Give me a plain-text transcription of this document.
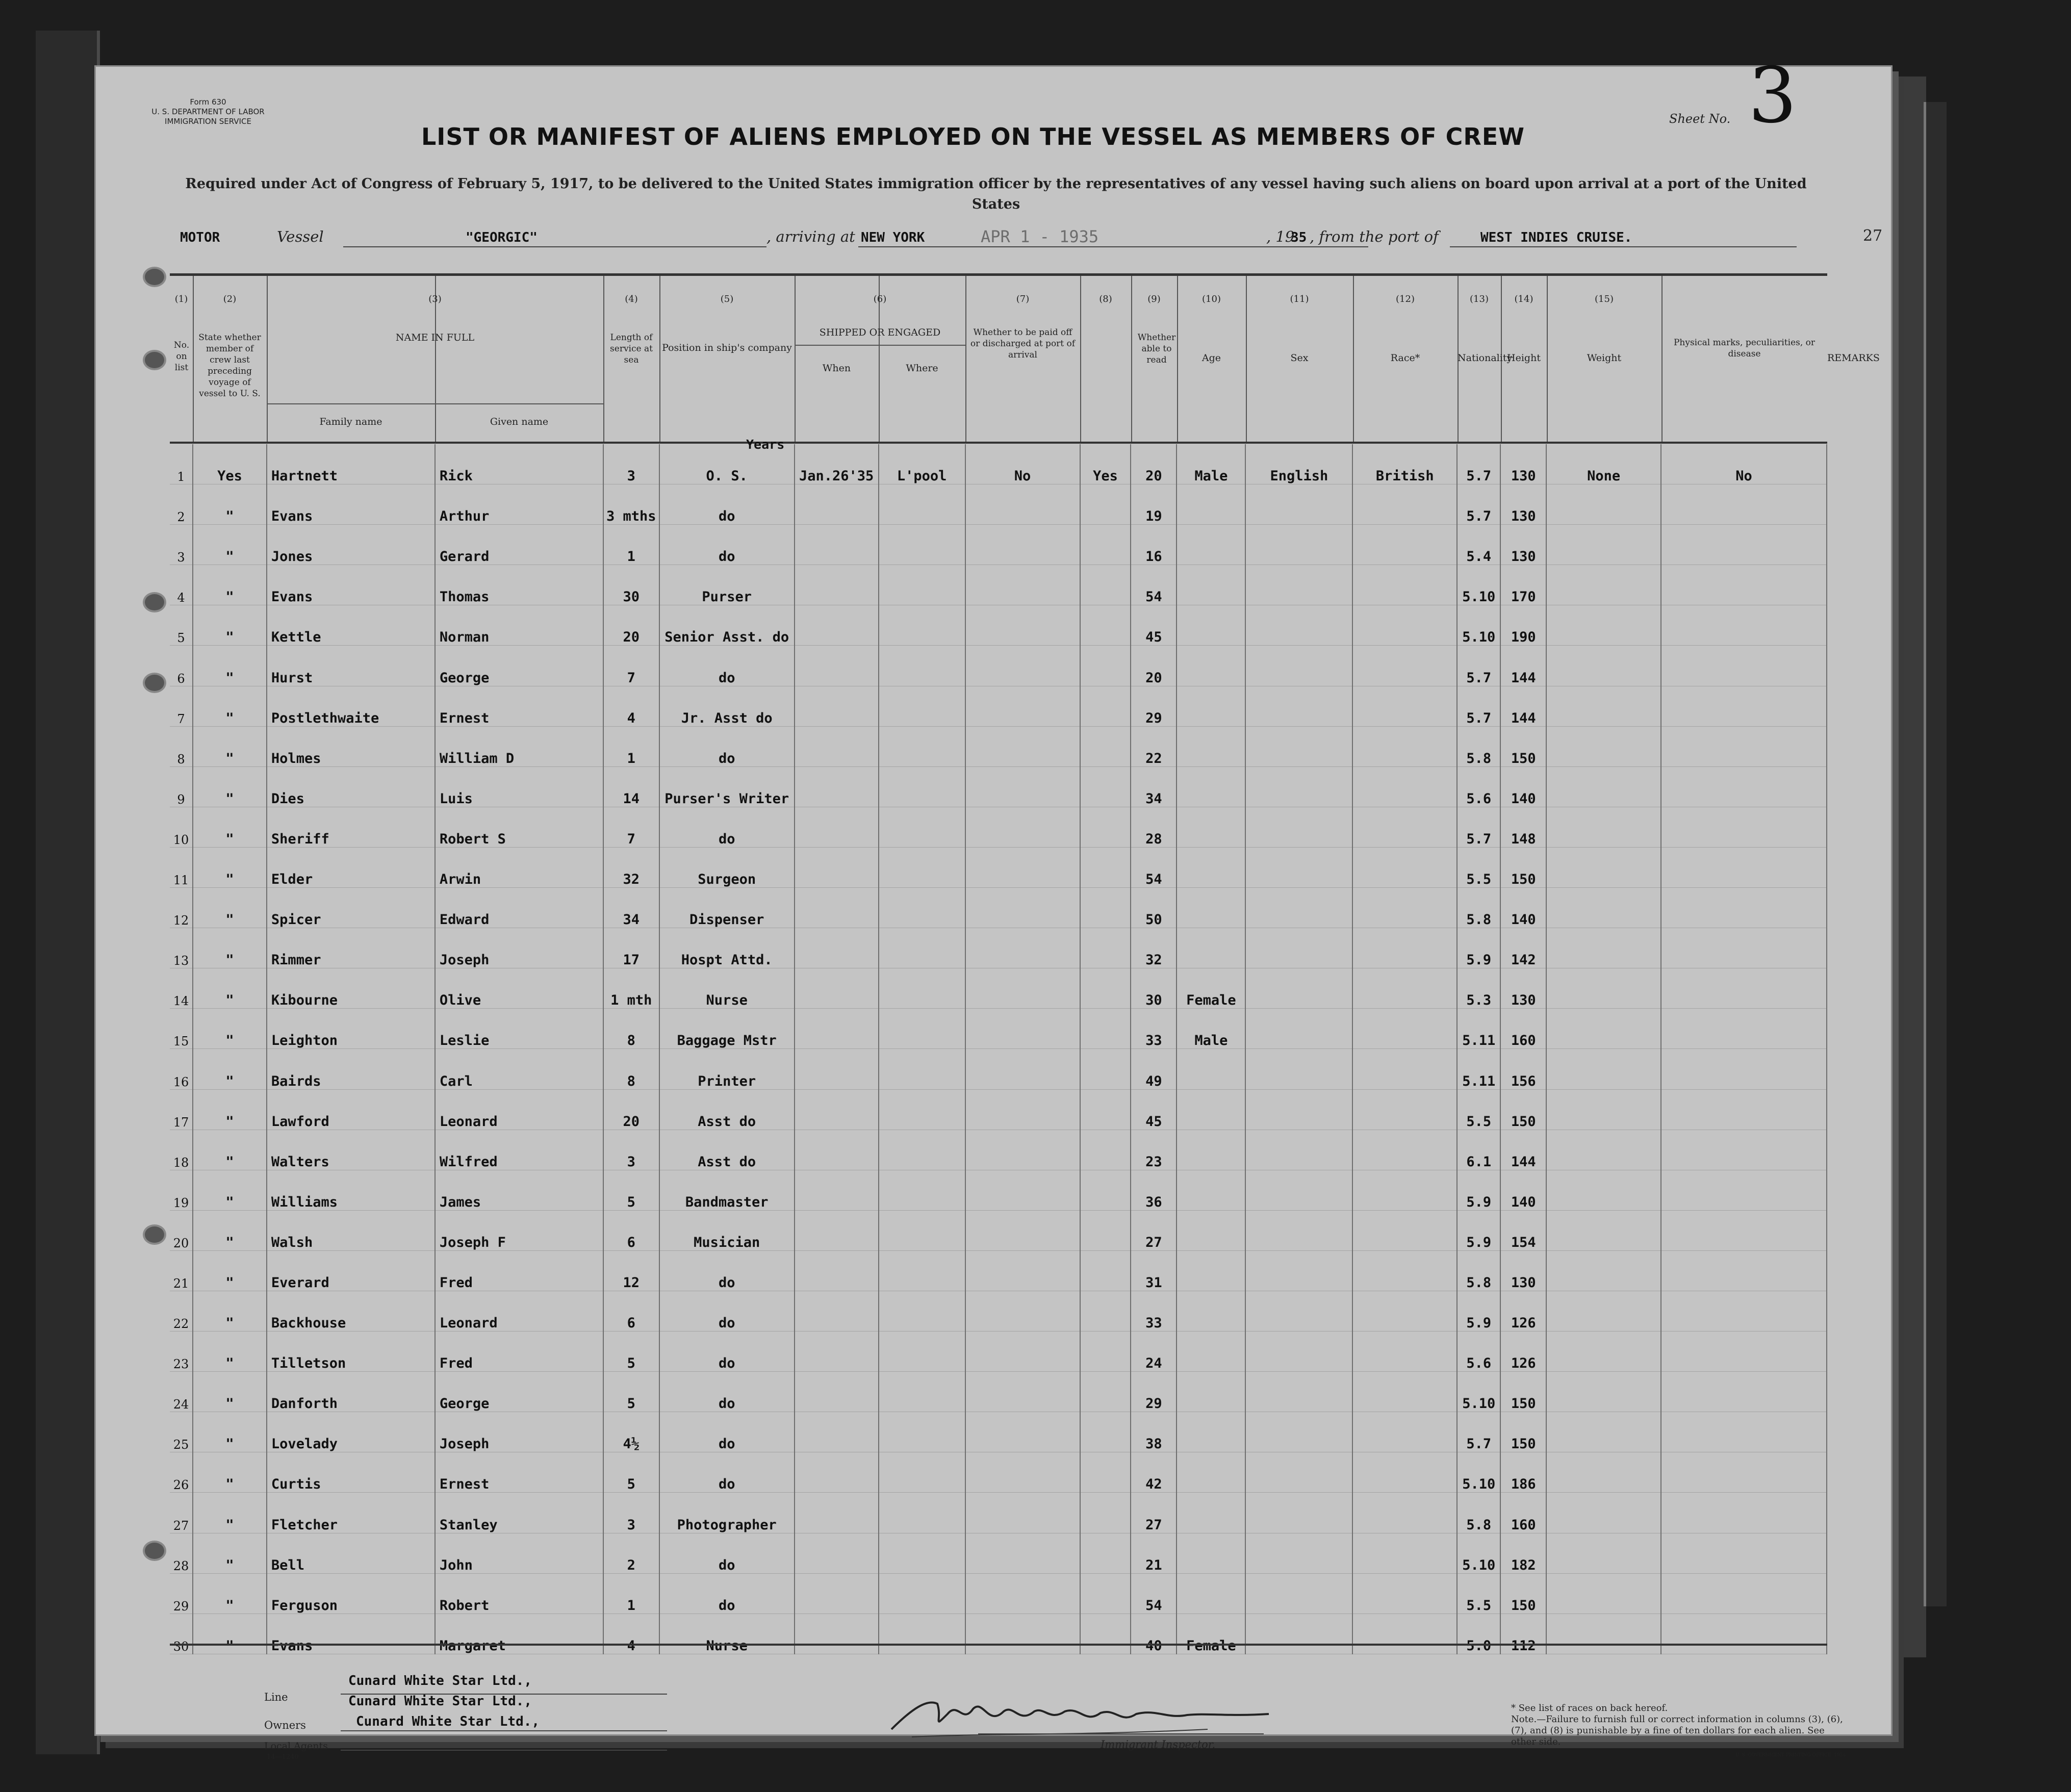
Form 630
U. S. DEPARTMENT OF LABOR
IMMIGRATION SERVICE
LIST OR MANIFEST OF ALIENS EMPLOYED ON THE VESSEL AS MEMBERS OF CREW
Sheet No. 3
Required under Act of Congress of February 5, 1917, to be delivered to the United States immigration officer by the representatives of any vessel having such aliens on board upon arrival at a port of the United States
MOTOR	Vessel	"GEORGIC"	, arriving at NEW YORK	APR 1 - 1935	, 19
35 , from the port of	WEST INDIES CRUISE.	27
(1)	(2)	(3)	(4)	(5)	(6)	(7)	(8)	(9)	(10)	(11)	(12)	(13)	(14)	(15)
No. on list
State whether member of crew last preceding voyage of vessel to U. S.
NAME IN FULL
Family name	Given name
Length of service at sea
Position in ship's company
SHIPPED OR ENGAGED
When	Where
Whether to be paid off or discharged at port of arrival
Whether able to read	Age	Sex	Race*	Nationality
Height	Weight
Physical marks, peculiarities, or disease	REMARKS
1	Yes	Hartnett	Rick	3	O. S.	Jan.26'35	L'pool	No	Yes	20	Male	English	British	5.7	130	None	No
2	"	Evans	Arthur	3 mths	do					19				5.7	130		
3	"	Jones	Gerard	1	do					16				5.4	130		
4	"	Evans	Thomas	30	Purser					54				5.10	170		
5	"	Kettle	Norman	20	Senior Asst. do					45				5.10	190		
6	"	Hurst	George	7	do					20				5.7	144		
7	"	Postlethwaite	Ernest	4	Jr. Asst do					29				5.7	144		
8	"	Holmes	William D	1	do					22				5.8	150		
9	"	Dies	Luis	14	Purser's Writer					34				5.6	140		
10	"	Sheriff	Robert S	7	do					28				5.7	148		
11	"	Elder	Arwin	32	Surgeon					54				5.5	150		
12	"	Spicer	Edward	34	Dispenser					50				5.8	140		
13	"	Rimmer	Joseph	17	Hospt Attd.					32				5.9	142		
14	"	Kibourne	Olive	1 mth	Nurse					30	Female			5.3	130		
15	"	Leighton	Leslie	8	Baggage Mstr					33	Male			5.11	160		
16	"	Bairds	Carl	8	Printer					49				5.11	156		
17	"	Lawford	Leonard	20	Asst do					45				5.5	150		
18	"	Walters	Wilfred	3	Asst do					23				6.1	144		
19	"	Williams	James	5	Bandmaster					36				5.9	140		
20	"	Walsh	Joseph F	6	Musician					27				5.9	154		
21	"	Everard	Fred	12	do					31				5.8	130		
22	"	Backhouse	Leonard	6	do					33				5.9	126		
23	"	Tilletson	Fred	5	do					24				5.6	126		
24	"	Danforth	George	5	do					29				5.10	150		
25	"	Lovelady	Joseph	4½	do					38				5.7	150		
26	"	Curtis	Ernest	5	do					42				5.10	186		
27	"	Fletcher	Stanley	3	Photographer					27				5.8	160		
28	"	Bell	John	2	do					21				5.10	182		
29	"	Ferguson	Robert	1	do					54				5.5	150		
30	"	Evans	Margaret	4	Nurse					40	Female			5.0	112		
Years
Line
Cunard White Star Ltd.,
Cunard White Star Ltd.,
Owners	Cunard White Star Ltd.,
Local Agents
14—1240
Immigrant Inspector.
* See list of races on back hereof.
Note.—Failure to furnish full or correct information in columns (3), (6), (7), and (8) is punishable by a fine of ten dollars for each alien. See other side.
U. S. GOVERNMENT PRINTING OFFICE: 1934
